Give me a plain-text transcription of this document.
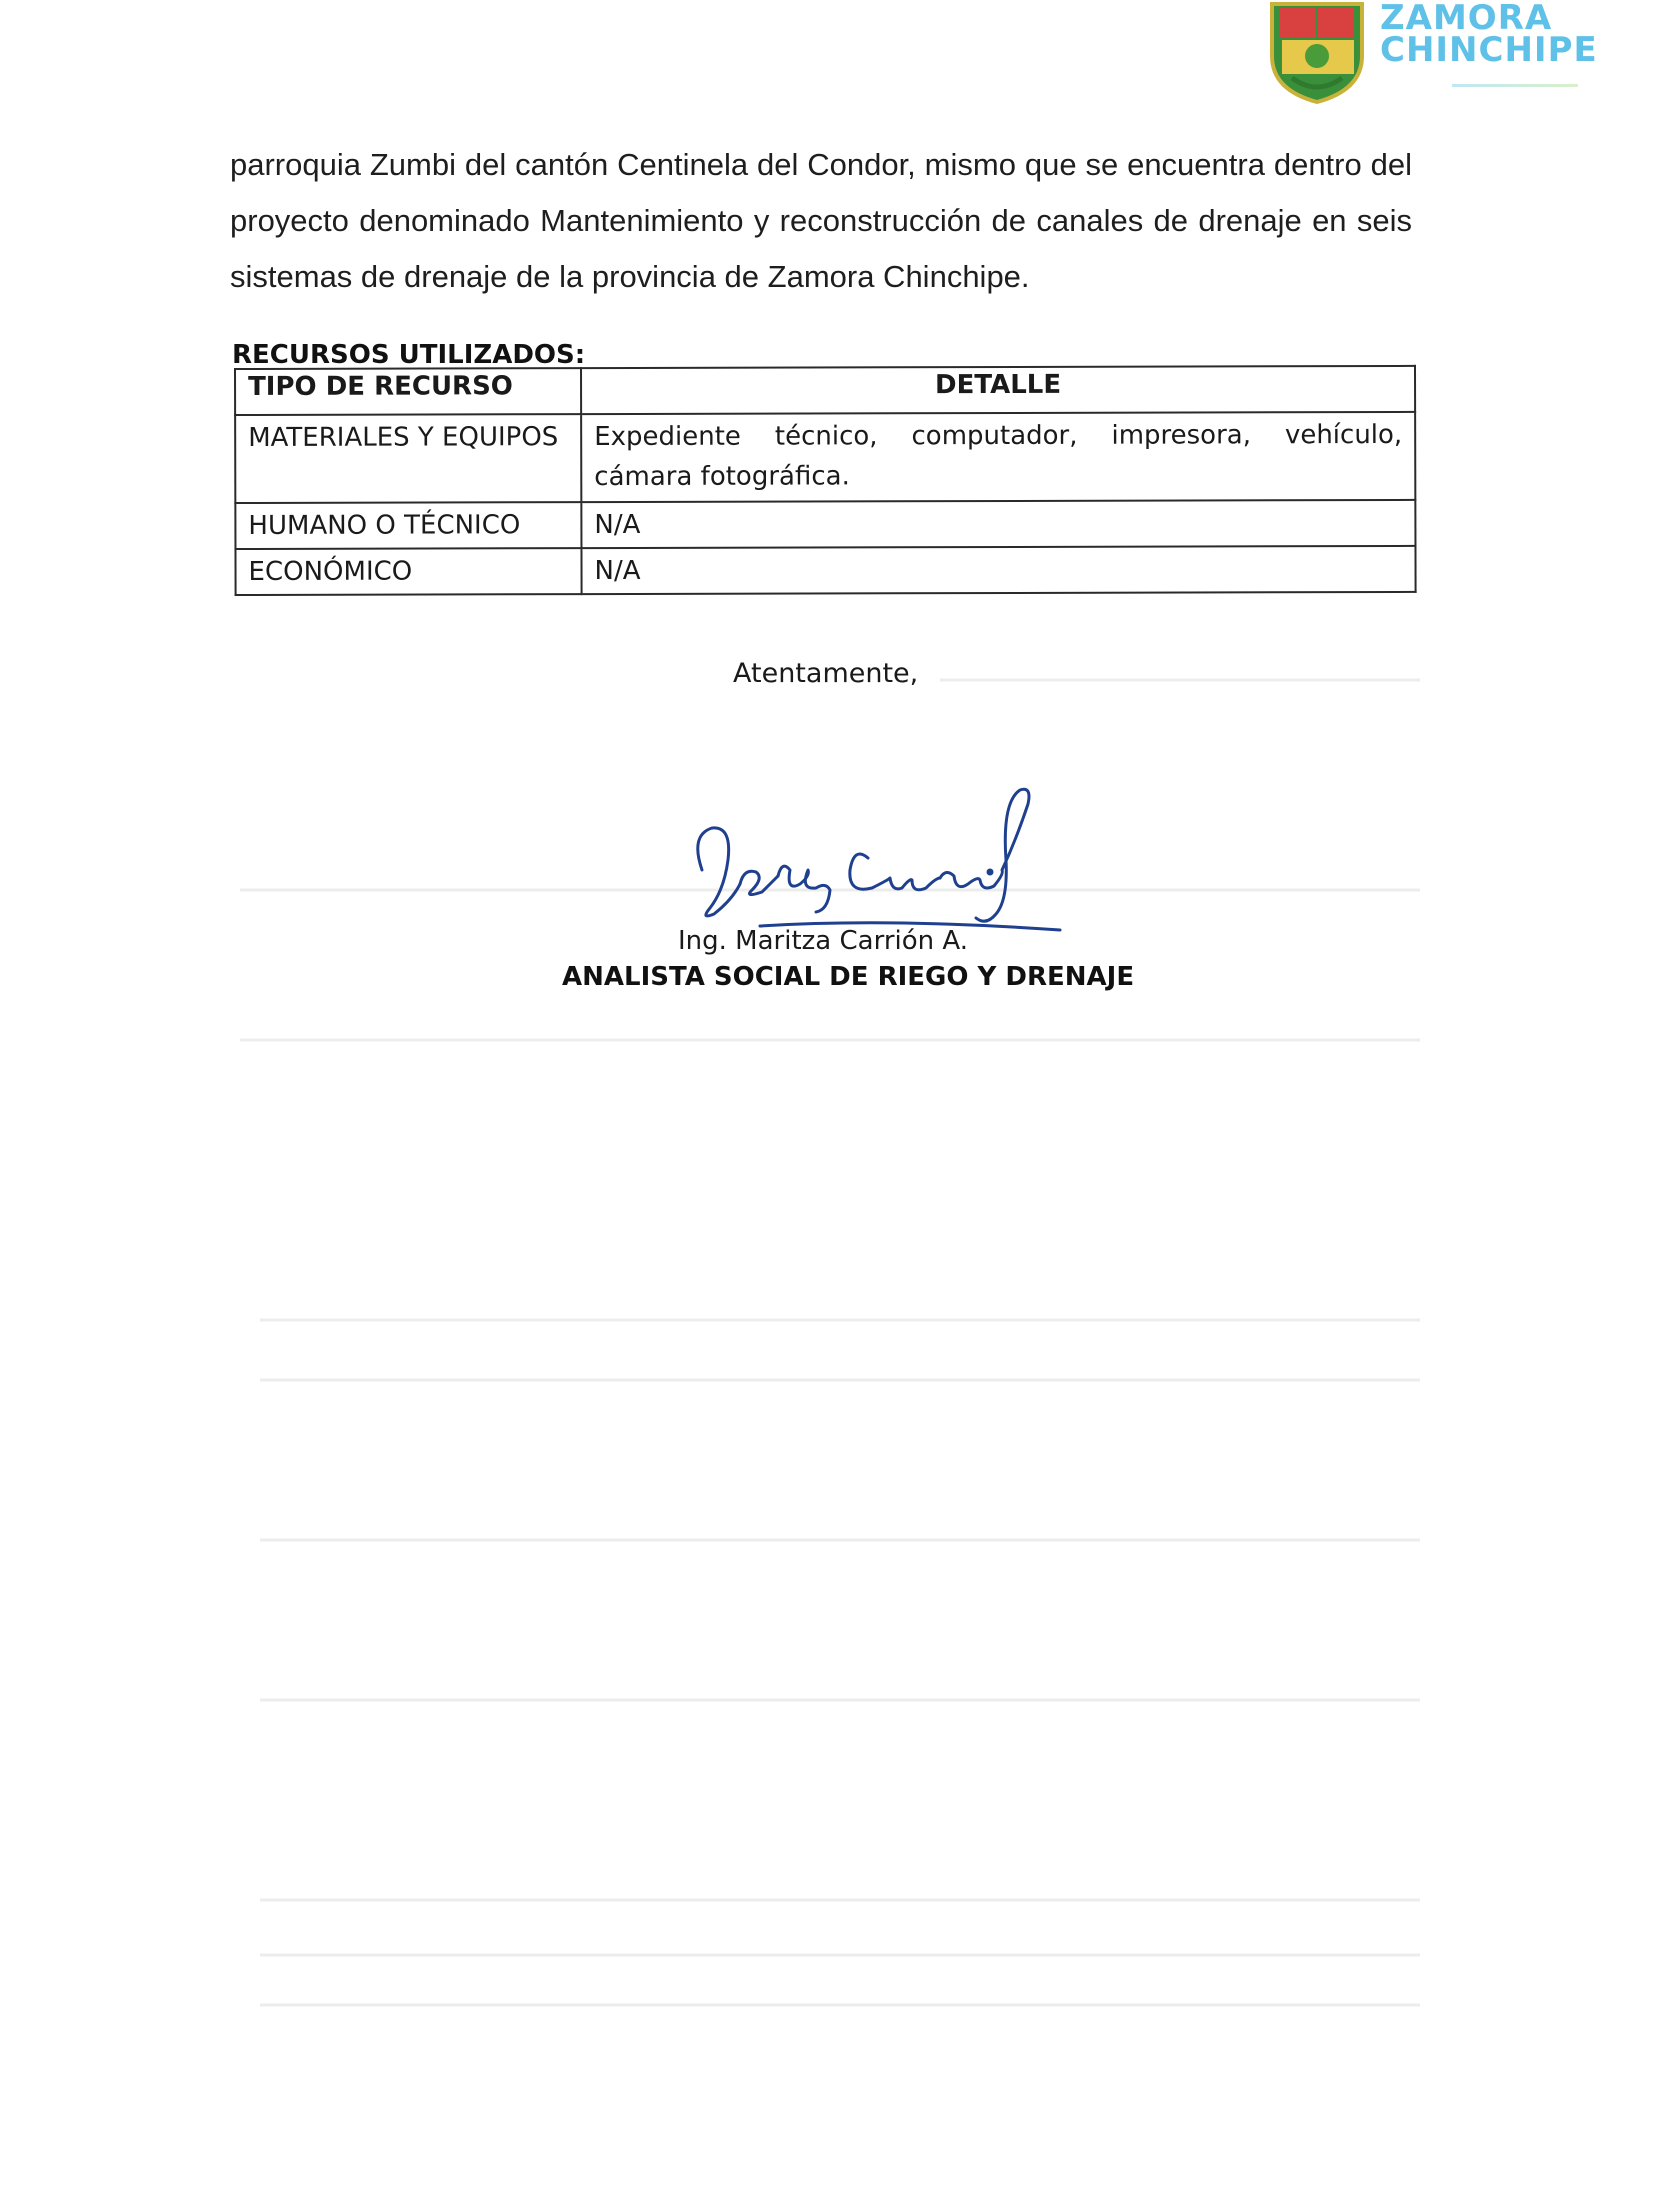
ZAMORA
CHINCHIPE

parroquia Zumbi del cantón Centinela del Condor, mismo que se encuentra dentro del proyecto denominado Mantenimiento y reconstrucción de canales de drenaje en seis sistemas de drenaje de la provincia de Zamora Chinchipe.

RECURSOS UTILIZADOS:
TIPO DE RECURSO	DETALLE
MATERIALES Y EQUIPOS	Expediente técnico, computador, impresora, vehículo, cámara fotográfica.
HUMANO O TÉCNICO	N/A
ECONÓMICO	N/A
Atentamente,
Ing. Maritza Carrión A.
ANALISTA SOCIAL DE RIEGO Y DRENAJE
